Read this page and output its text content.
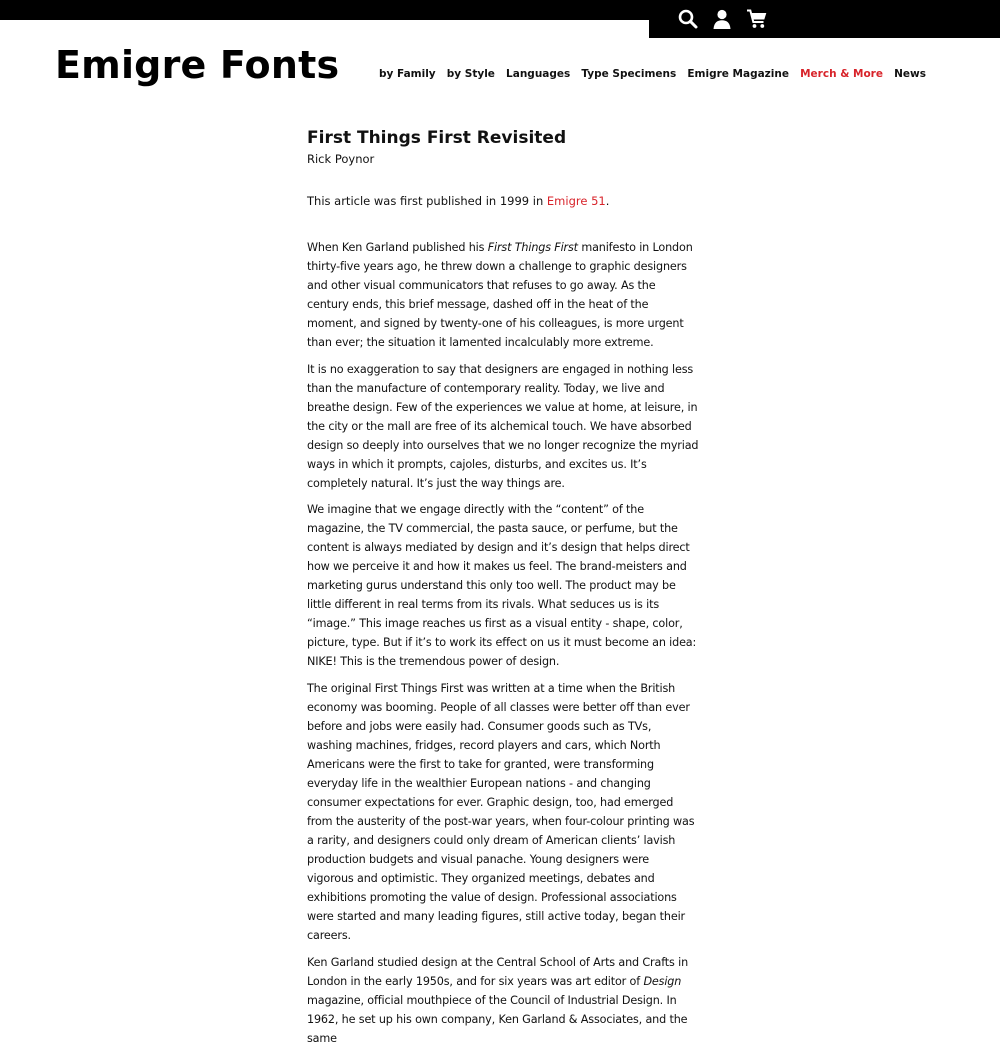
Emigre Fonts	by Family by Style Languages Type Specimens Emigre Magazine Merch & More News
First Things First Revisited

Rick Poynor

This article was first published in 1999 in Emigre 51.

When Ken Garland published his First Things First manifesto in London thirty-five years ago, he threw down a challenge to graphic designers and other visual communicators that refuses to go away. As the century ends, this brief message, dashed off in the heat of the moment, and signed by twenty-one of his colleagues, is more urgent than ever; the situation it lamented incalculably more extreme.

It is no exaggeration to say that designers are engaged in nothing less than the manufacture of contemporary reality. Today, we live and breathe design. Few of the experiences we value at home, at leisure, in the city or the mall are free of its alchemical touch. We have absorbed design so deeply into ourselves that we no longer recognize the myriad ways in which it prompts, cajoles, disturbs, and excites us. It’s completely natural. It’s just the way things are.

We imagine that we engage directly with the “content” of the magazine, the TV commercial, the pasta sauce, or perfume, but the content is always mediated by design and it’s design that helps direct how we perceive it and how it makes us feel. The brand-meisters and marketing gurus understand this only too well. The product may be little different in real terms from its rivals. What seduces us is its “image.” This image reaches us first as a visual entity - shape, color, picture, type. But if it’s to work its effect on us it must become an idea: NIKE! This is the tremendous power of design.

The original First Things First was written at a time when the British economy was booming. People of all classes were better off than ever before and jobs were easily had. Consumer goods such as TVs, washing machines, fridges, record players and cars, which North Americans were the first to take for granted, were transforming everyday life in the wealthier European nations - and changing consumer expectations for ever. Graphic design, too, had emerged from the austerity of the post-war years, when four-colour printing was a rarity, and designers could only dream of American clients’ lavish production budgets and visual panache. Young designers were vigorous and optimistic. They organized meetings, debates and exhibitions promoting the value of design. Professional associations were started and many leading figures, still active today, began their careers.

Ken Garland studied design at the Central School of Arts and Crafts in London in the early 1950s, and for six years was art editor of Design magazine, official mouthpiece of the Council of Industrial Design. In 1962, he set up his own company, Ken Garland & Associates, and the same
